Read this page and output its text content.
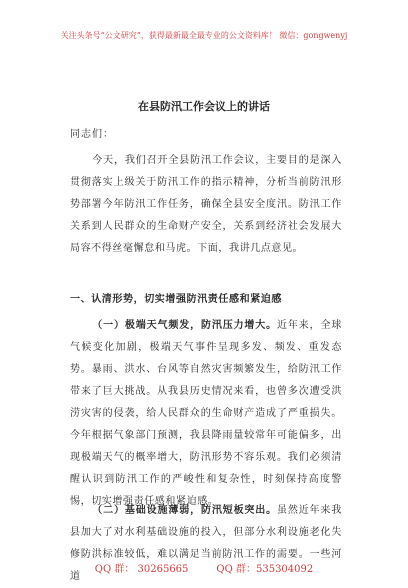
关注头条号“公文研究”，获得最新最全最专业的公文资料库！ 微信：gongwenyj
在县防汛工作会议上的讲话
同志们：
今天，我们召开全县防汛工作会议，主要目的是深入贯彻落实上级关于防汛工作的指示精神，分析当前防汛形势部署今年防汛工作任务，确保全县安全度汛。防汛工作关系到人民群众的生命财产安全，关系到经济社会发展大局容不得丝毫懈怠和马虎。下面，我讲几点意见。
一、认清形势，切实增强防汛责任感和紧迫感
（一）极端天气频发，防汛压力增大。近年来，全球气候变化加剧，极端天气事件呈现多发、频发、重发态势。暴雨、洪水、台风等自然灾害频繁发生，给防汛工作带来了巨大挑战。从我县历史情况来看，也曾多次遭受洪涝灾害的侵袭，给人民群众的生命财产造成了严重损失。今年根据气象部门预测，我县降雨量较常年可能偏多，出现极端天气的概率增大，防汛形势不容乐观。我们必须清醒认识到防汛工作的严峻性和复杂性，时刻保持高度警惕，切实增强责任感和紧迫感。
（二）基础设施薄弱，防汛短板突出。虽然近年来我县加大了对水利基础设施的投入，但部分水利设施老化失修防洪标准较低，难以满足当前防汛工作的需要。一些河道
QQ 群： 30265665	QQ 群：535304092
